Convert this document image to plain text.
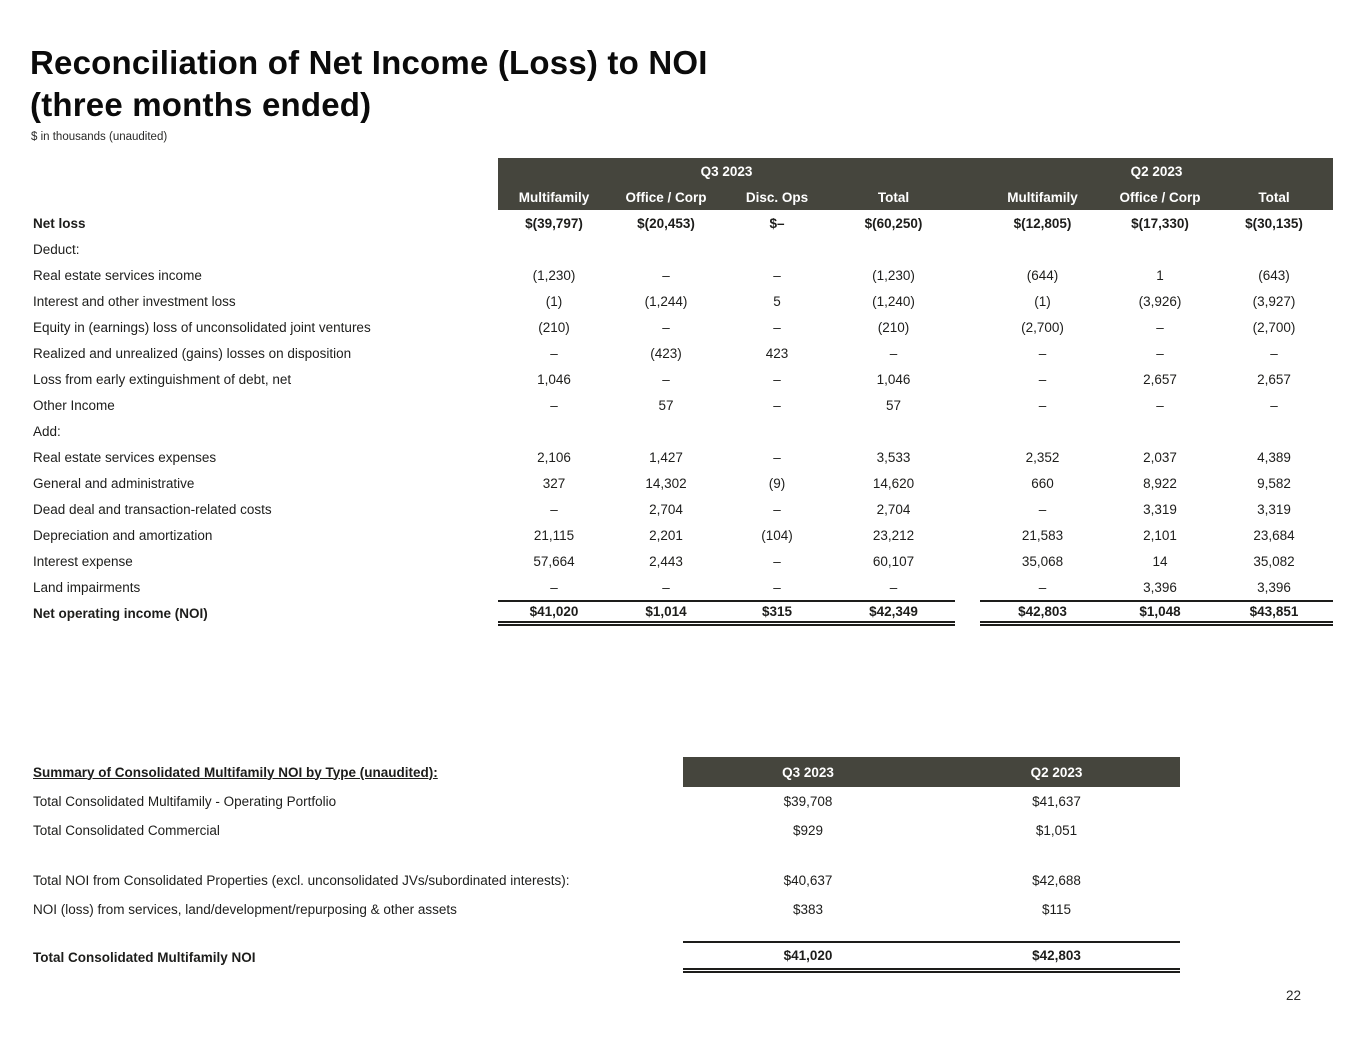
Reconciliation of Net Income (Loss) to NOI
(three months ended)
$ in thousands (unaudited)
Q3 2023	Q2 2023
Multifamily	Office / Corp	Disc. Ops	Total	Multifamily	Office / Corp	Total
Net loss	$(39,797)	$(20,453)	$–	$(60,250)	$(12,805)	$(17,330)	$(30,135)
Deduct:
Real estate services income	(1,230)	–	–	(1,230)	(644)	1	(643)
Interest and other investment loss	(1)	(1,244)	5	(1,240)	(1)	(3,926)	(3,927)
Equity in (earnings) loss of unconsolidated joint ventures	(210)	–	–	(210)	(2,700)	–	(2,700)
Realized and unrealized (gains) losses on disposition	–	(423)	423	–	–	–	–
Loss from early extinguishment of debt, net	1,046	–	–	1,046	–	2,657	2,657
Other Income	–	57	–	57	–	–	–
Add:
Real estate services expenses	2,106	1,427	–	3,533	2,352	2,037	4,389
General and administrative	327	14,302	(9)	14,620	660	8,922	9,582
Dead deal and transaction-related costs	–	2,704	–	2,704	–	3,319	3,319
Depreciation and amortization	21,115	2,201	(104)	23,212	21,583	2,101	23,684
Interest expense	57,664	2,443	–	60,107	35,068	14	35,082
Land impairments	–	–	–	–	–	3,396	3,396
Net operating income (NOI)	$41,020	$1,014	$315	$42,349	$42,803	$1,048	$43,851
Summary of Consolidated Multifamily NOI by Type (unaudited):	Q3 2023	Q2 2023
Total Consolidated Multifamily - Operating Portfolio	$39,708	$41,637
Total Consolidated Commercial	$929	$1,051
Total NOI from Consolidated Properties (excl. unconsolidated JVs/subordinated interests):	$40,637	$42,688
NOI (loss) from services, land/development/repurposing & other assets	$383	$115
Total Consolidated Multifamily NOI	$41,020	$42,803
22
